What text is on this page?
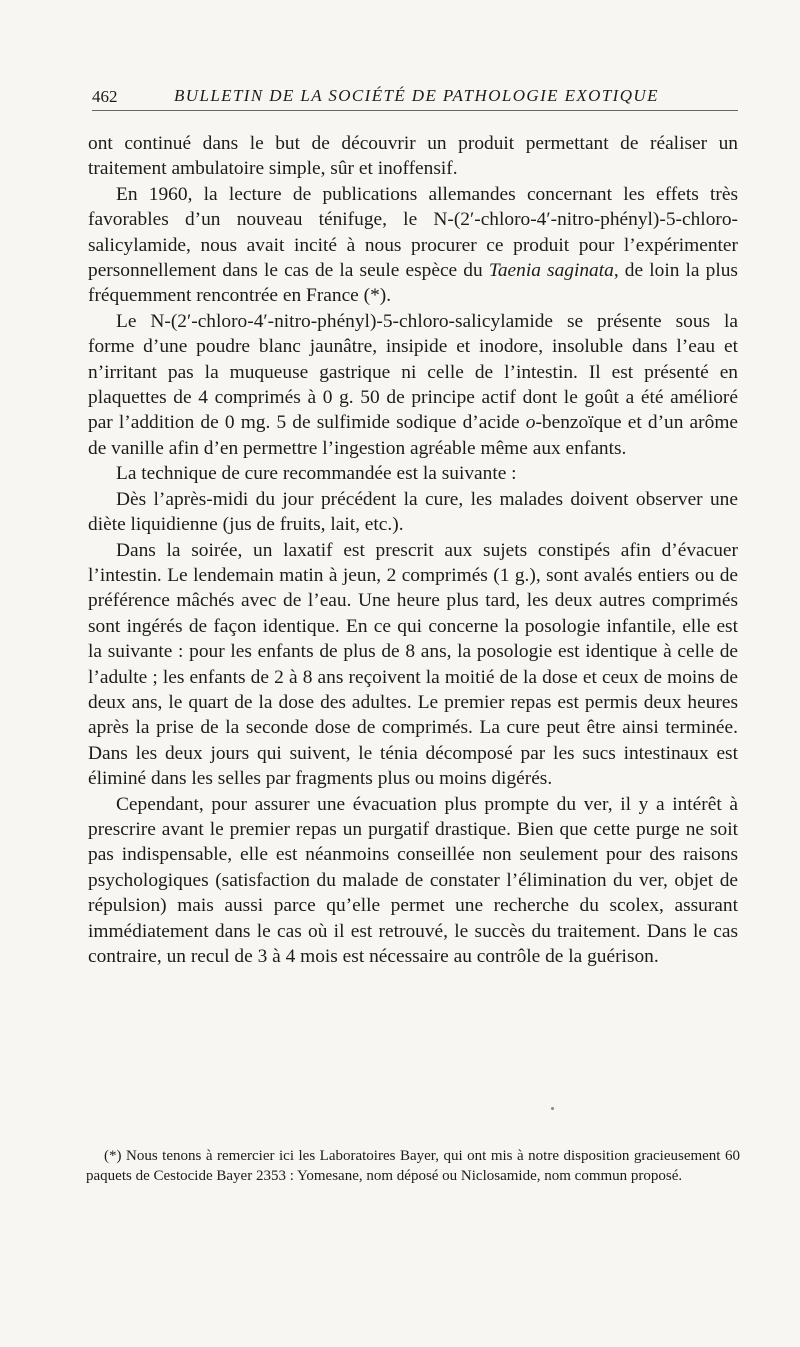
462	BULLETIN DE LA SOCIÉTÉ DE PATHOLOGIE EXOTIQUE

ont continué dans le but de découvrir un produit permettant de réaliser un traitement ambulatoire simple, sûr et inoffensif.

En 1960, la lecture de publications allemandes concernant les effets très favorables d’un nouveau ténifuge, le N-(2′-chloro-4′-nitro-phényl)-5-chloro-salicylamide, nous avait incité à nous procurer ce produit pour l’expérimenter personnellement dans le cas de la seule espèce du Taenia saginata, de loin la plus fréquemment rencontrée en France (*).

Le N-(2′-chloro-4′-nitro-phényl)-5-chloro-salicylamide se présente sous la forme d’une poudre blanc jaunâtre, insipide et inodore, insoluble dans l’eau et n’irritant pas la muqueuse gastrique ni celle de l’intestin. Il est présenté en plaquettes de 4 comprimés à 0 g. 50 de principe actif dont le goût a été amélioré par l’addition de 0 mg. 5 de sulfimide sodique d’acide o-benzoïque et d’un arôme de vanille afin d’en permettre l’ingestion agréable même aux enfants.

La technique de cure recommandée est la suivante :

Dès l’après-midi du jour précédent la cure, les malades doivent observer une diète liquidienne (jus de fruits, lait, etc.).

Dans la soirée, un laxatif est prescrit aux sujets constipés afin d’évacuer l’intestin. Le lendemain matin à jeun, 2 comprimés (1 g.), sont avalés entiers ou de préférence mâchés avec de l’eau. Une heure plus tard, les deux autres comprimés sont ingérés de façon identique. En ce qui concerne la posologie infantile, elle est la suivante : pour les enfants de plus de 8 ans, la posologie est identique à celle de l’adulte ; les enfants de 2 à 8 ans reçoivent la moitié de la dose et ceux de moins de deux ans, le quart de la dose des adultes. Le premier repas est permis deux heures après la prise de la seconde dose de comprimés. La cure peut être ainsi terminée. Dans les deux jours qui suivent, le ténia décomposé par les sucs intestinaux est éliminé dans les selles par fragments plus ou moins digérés.

Cependant, pour assurer une évacuation plus prompte du ver, il y a intérêt à prescrire avant le premier repas un purgatif drastique. Bien que cette purge ne soit pas indispensable, elle est néanmoins conseillée non seulement pour des raisons psychologiques (satisfaction du malade de constater l’élimination du ver, objet de répulsion) mais aussi parce qu’elle permet une recherche du scolex, assurant immédiatement dans le cas où il est retrouvé, le succès du traitement. Dans le cas contraire, un recul de 3 à 4 mois est nécessaire au contrôle de la guérison.

(*) Nous tenons à remercier ici les Laboratoires Bayer, qui ont mis à notre disposition gracieusement 60 paquets de Cestocide Bayer 2353 : Yomesane, nom déposé ou Niclosamide, nom commun proposé.
